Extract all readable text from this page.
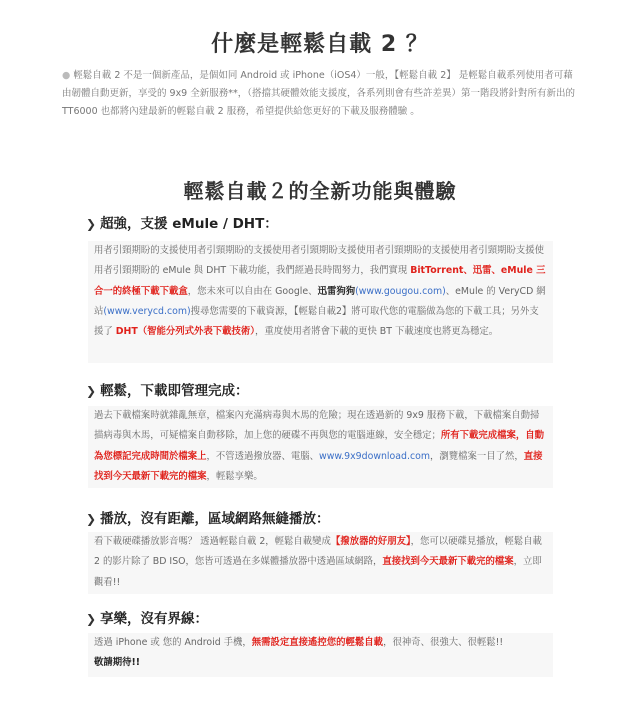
什麼是輕鬆自載 2 ？
● 輕鬆自載 2 不是一個新產品，是個如同 Android 或 iPhone（iOS4）一般，【輕鬆自載 2】 是輕鬆自載系列使用者可藉由韌體自動更新，享受的 9x9 全新服務**，（搭擋其硬體效能支援度，各系列則會有些許差異）第一階段將針對所有新出的 TT6000 也都將內建最新的輕鬆自載 2 服務，希望提供給您更好的下載及服務體驗 。
輕鬆自載２的全新功能與體驗
❯ 超強，支援 eMule / DHT：
用者引頸期盼的支援使用者引頸期盼的支援使用者引頸期盼支援使用者引頸期盼的支援使用者引頸期盼支援使用者引頸期盼的 eMule 與 DHT 下載功能，我們經過長時間努力，我們實現 BitTorrent、迅雷、eMule 三合一的終極下載下載盒，您未來可以自由在 Google、迅雷狗狗(www.gougou.com)、eMule 的 VeryCD 網站(www.verycd.com)搜尋您需要的下載資源，【輕鬆自載2】將可取代您的電腦做為您的下載工具；另外支援了 DHT（智能分列式外表下載技術），重度使用者將會下載的更快 BT 下載速度也將更為穩定。
❯ 輕鬆，下載即管理完成：
過去下載檔案時就雜亂無章，檔案內充滿病毒與木馬的危險；現在透過新的 9x9 服務下載，下載檔案自動掃描病毒與木馬，可疑檔案自動移除，加上您的硬碟不再與您的電腦連線，安全穩定；所有下載完成檔案，自動為您標記完成時間於檔案上，不管透過撥放器、電腦、www.9x9download.com，瀏覽檔案一目了然，直接找到今天最新下載完的檔案，輕鬆享樂。
❯ 播放，沒有距離，區域網路無縫播放：
看下載硬碟播放影音嗎？ 透過輕鬆自載 2，輕鬆自載變成【撥放器的好朋友】，您可以硬碟見播放，輕鬆自載 2 的影片除了 BD ISO，您皆可透過在多媒體播放器中透過區域網路，直接找到今天最新下載完的檔案，立即觀看!!
❯ 享樂，沒有界線：
透過 iPhone 或 您的 Android 手機，無需設定直接遙控您的輕鬆自載，很神奇、很強大、很輕鬆!!
敬請期待!!
